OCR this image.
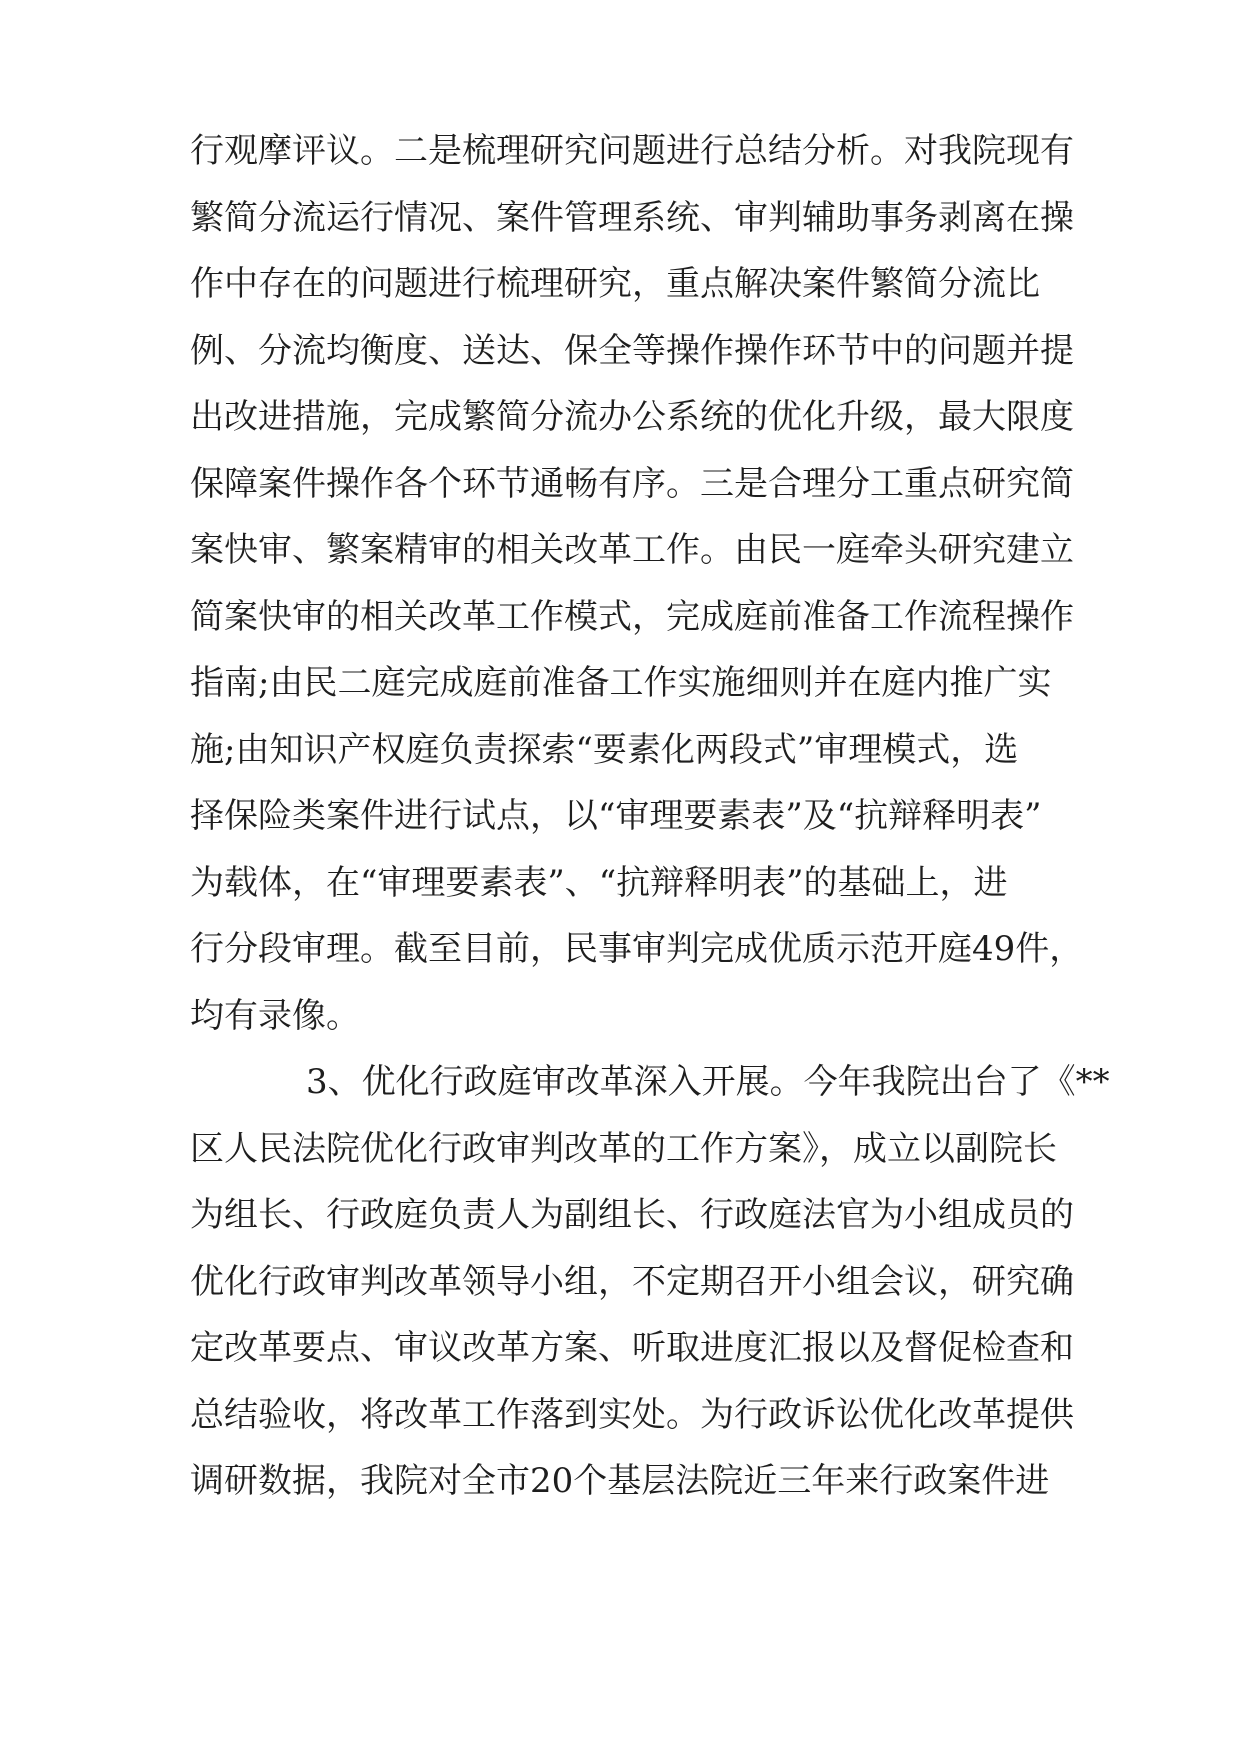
行观摩评议。二是梳理研究问题进行总结分析。对我院现有
繁简分流运行情况、案件管理系统、审判辅助事务剥离在操
作中存在的问题进行梳理研究，重点解决案件繁简分流比
例、分流均衡度、送达、保全等操作操作环节中的问题并提
出改进措施，完成繁简分流办公系统的优化升级，最大限度
保障案件操作各个环节通畅有序。三是合理分工重点研究简
案快审、繁案精审的相关改革工作。由民一庭牵头研究建立
简案快审的相关改革工作模式，完成庭前准备工作流程操作
指南;由民二庭完成庭前准备工作实施细则并在庭内推广实
施;由知识产权庭负责探索“要素化两段式”审理模式，选
择保险类案件进行试点，以“审理要素表”及“抗辩释明表”
为载体，在“审理要素表”、“抗辩释明表”的基础上，进
行分段审理。截至目前，民事审判完成优质示范开庭49件，
均有录像。
3、优化行政庭审改革深入开展。今年我院出台了《**
区人民法院优化行政审判改革的工作方案》，成立以副院长
为组长、行政庭负责人为副组长、行政庭法官为小组成员的
优化行政审判改革领导小组，不定期召开小组会议，研究确
定改革要点、审议改革方案、听取进度汇报以及督促检查和
总结验收，将改革工作落到实处。为行政诉讼优化改革提供
调研数据，我院对全市20个基层法院近三年来行政案件进
